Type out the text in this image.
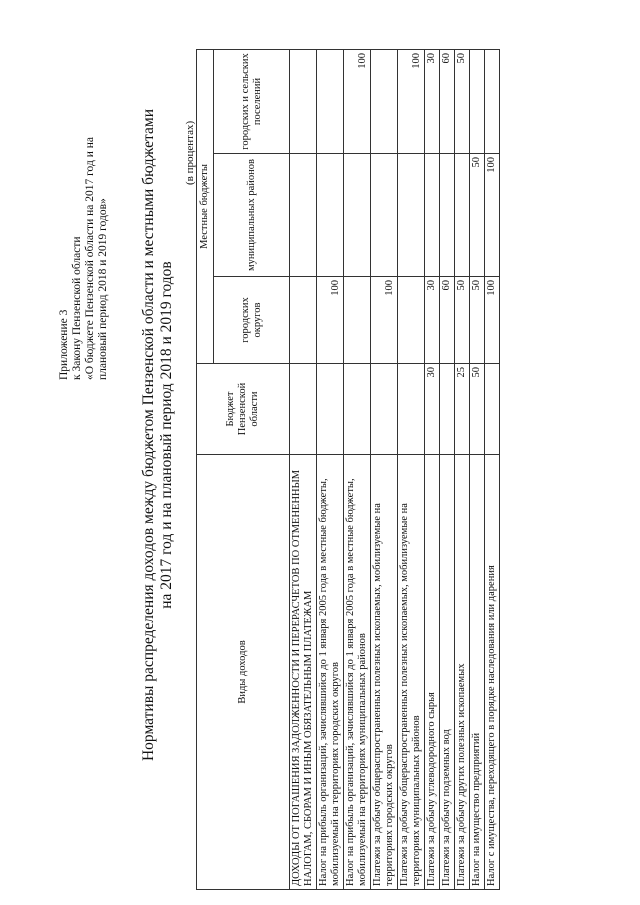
Приложение 3 к Закону Пензенской области «О бюджете Пензенской области на 2017 год и на плановый период 2018 и 2019 годов» Нормативы распределения доходов между бюджетом Пензенской области и местными бюджетами на 2017 год и на плановый период 2018 и 2019 годов
(в процентах)
Виды доходов	Бюджет Пензенской области	Местные бюджеты		
		городских округов	муниципальных районов	городских и сельских поселений
ДОХОДЫ ОТ ПОГАШЕНИЯ ЗАДОЛЖЕННОСТИ И ПЕРЕРАСЧЕТОВ ПО ОТМЕНЕННЫМ НАЛОГАМ, СБОРАМ И ИНЫМ ОБЯЗАТЕЛЬНЫМ ПЛАТЕЖАМ				
Налог на прибыль организаций, зачислявшийся до 1 января 2005 года в местные бюджеты, мобилизуемый на территориях городских округов		100		
Налог на прибыль организаций, зачислявшийся до 1 января 2005 года в местные бюджеты, мобилизуемый на территориях муниципальных районов				100
Платежи за добычу общераспространенных полезных ископаемых, мобилизуемые на территориях городских округов		100		
Платежи за добычу общераспространенных полезных ископаемых, мобилизуемые на территориях муниципальных районов				100
Платежи за добычу углеводородного сырья	30	30		30
Платежи за добычу подземных вод		60		60
Платежи за добычу других полезных ископаемых	25	50		50
Налог на имущество предприятий	50	50	50	
Налог с имущества, переходящего в порядке наследования или дарения		100	100	
